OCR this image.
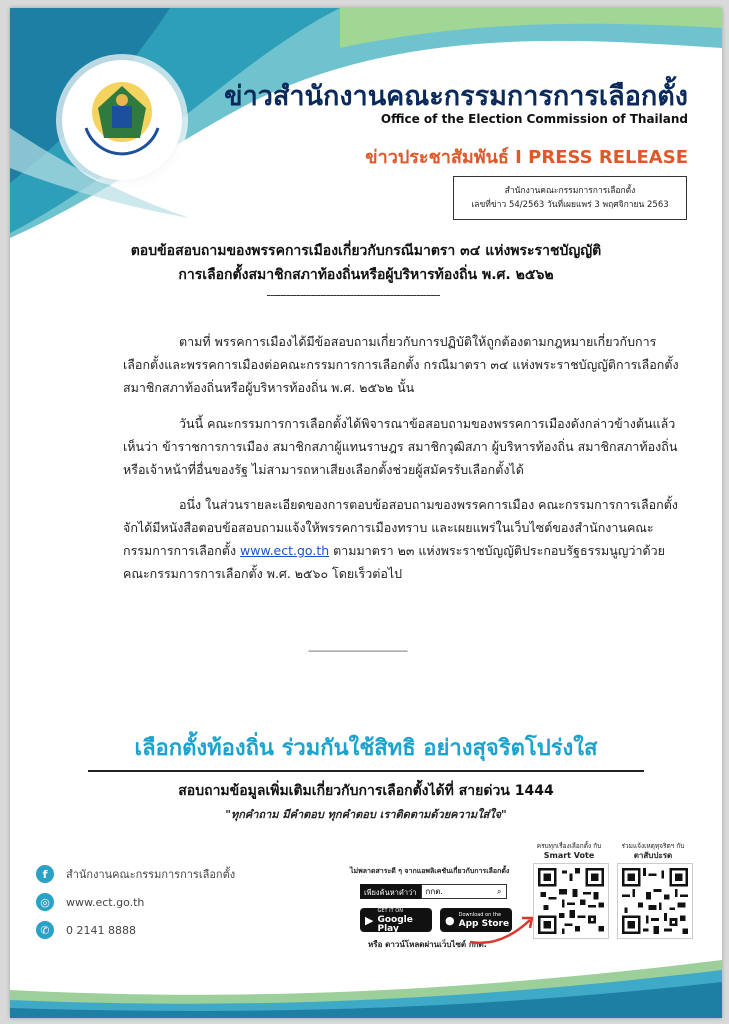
ข่าวสำนักงานคณะกรรมการการเลือกตั้ง
Office of the Election Commission of Thailand
ข่าวประชาสัมพันธ์ I PRESS RELEASE
สำนักงานคณะกรรมการการเลือกตั้ง
เลขที่ข่าว 54/2563 วันที่เผยแพร่ 3 พฤศจิกายน 2563
ตอบข้อสอบถามของพรรคการเมืองเกี่ยวกับกรณีมาตรา ๓๔ แห่งพระราชบัญญัติ
การเลือกตั้งสมาชิกสภาท้องถิ่นหรือผู้บริหารท้องถิ่น พ.ศ. ๒๕๖๒
----------------------------------------------------
ตามที่ พรรคการเมืองได้มีข้อสอบถามเกี่ยวกับการปฏิบัติให้ถูกต้องตามกฎหมายเกี่ยวกับการเลือกตั้งและพรรคการเมืองต่อคณะกรรมการการเลือกตั้ง กรณีมาตรา ๓๔ แห่งพระราชบัญญัติการเลือกตั้งสมาชิกสภาท้องถิ่นหรือผู้บริหารท้องถิ่น พ.ศ. ๒๕๖๒ นั้น
วันนี้ คณะกรรมการการเลือกตั้งได้พิจารณาข้อสอบถามของพรรคการเมืองดังกล่าวข้างต้นแล้ว เห็นว่า ข้าราชการการเมือง สมาชิกสภาผู้แทนราษฎร สมาชิกวุฒิสภา ผู้บริหารท้องถิ่น สมาชิกสภาท้องถิ่น หรือเจ้าหน้าที่อื่นของรัฐ ไม่สามารถหาเสียงเลือกตั้งช่วยผู้สมัครรับเลือกตั้งได้
อนึ่ง ในส่วนรายละเอียดของการตอบข้อสอบถามของพรรคการเมือง คณะกรรมการการเลือกตั้งจักได้มีหนังสือตอบข้อสอบถามแจ้งให้พรรคการเมืองทราบ และเผยแพร่ในเว็บไซต์ของสำนักงานคณะกรรมการการเลือกตั้ง www.ect.go.th ตามมาตรา ๒๓ แห่งพระราชบัญญัติประกอบรัฐธรรมนูญว่าด้วยคณะกรรมการการเลือกตั้ง พ.ศ. ๒๕๖๐ โดยเร็วต่อไป
--------------------------------------
เลือกตั้งท้องถิ่น ร่วมกันใช้สิทธิ อย่างสุจริตโปร่งใส
สอบถามข้อมูลเพิ่มเติมเกี่ยวกับการเลือกตั้งได้ที่ สายด่วน 1444
"ทุกคำถาม มีคำตอบ ทุกคำตอบ เราติดตามด้วยความใส่ใจ"
f	สำนักงานคณะกรรมการการเลือกตั้ง
◎	www.ect.go.th
✆	0 2141 8888
ไม่พลาดสาระดี ๆ จากแอพลิเคชันเกี่ยวกับการเลือกตั้ง
เพียงค้นหาคำว่า	กกต.	⌕
▶
GET IT ON
Google Play
● Download on the
App Store
หรือ ดาวน์โหลดผ่านเว็บไซต์ กกต.
ครบทุกเรื่องเลือกตั้ง กับ
Smart Vote
ร่วมแจ้งเหตุทุจริตฯ กับ
ตาสับปะรด
